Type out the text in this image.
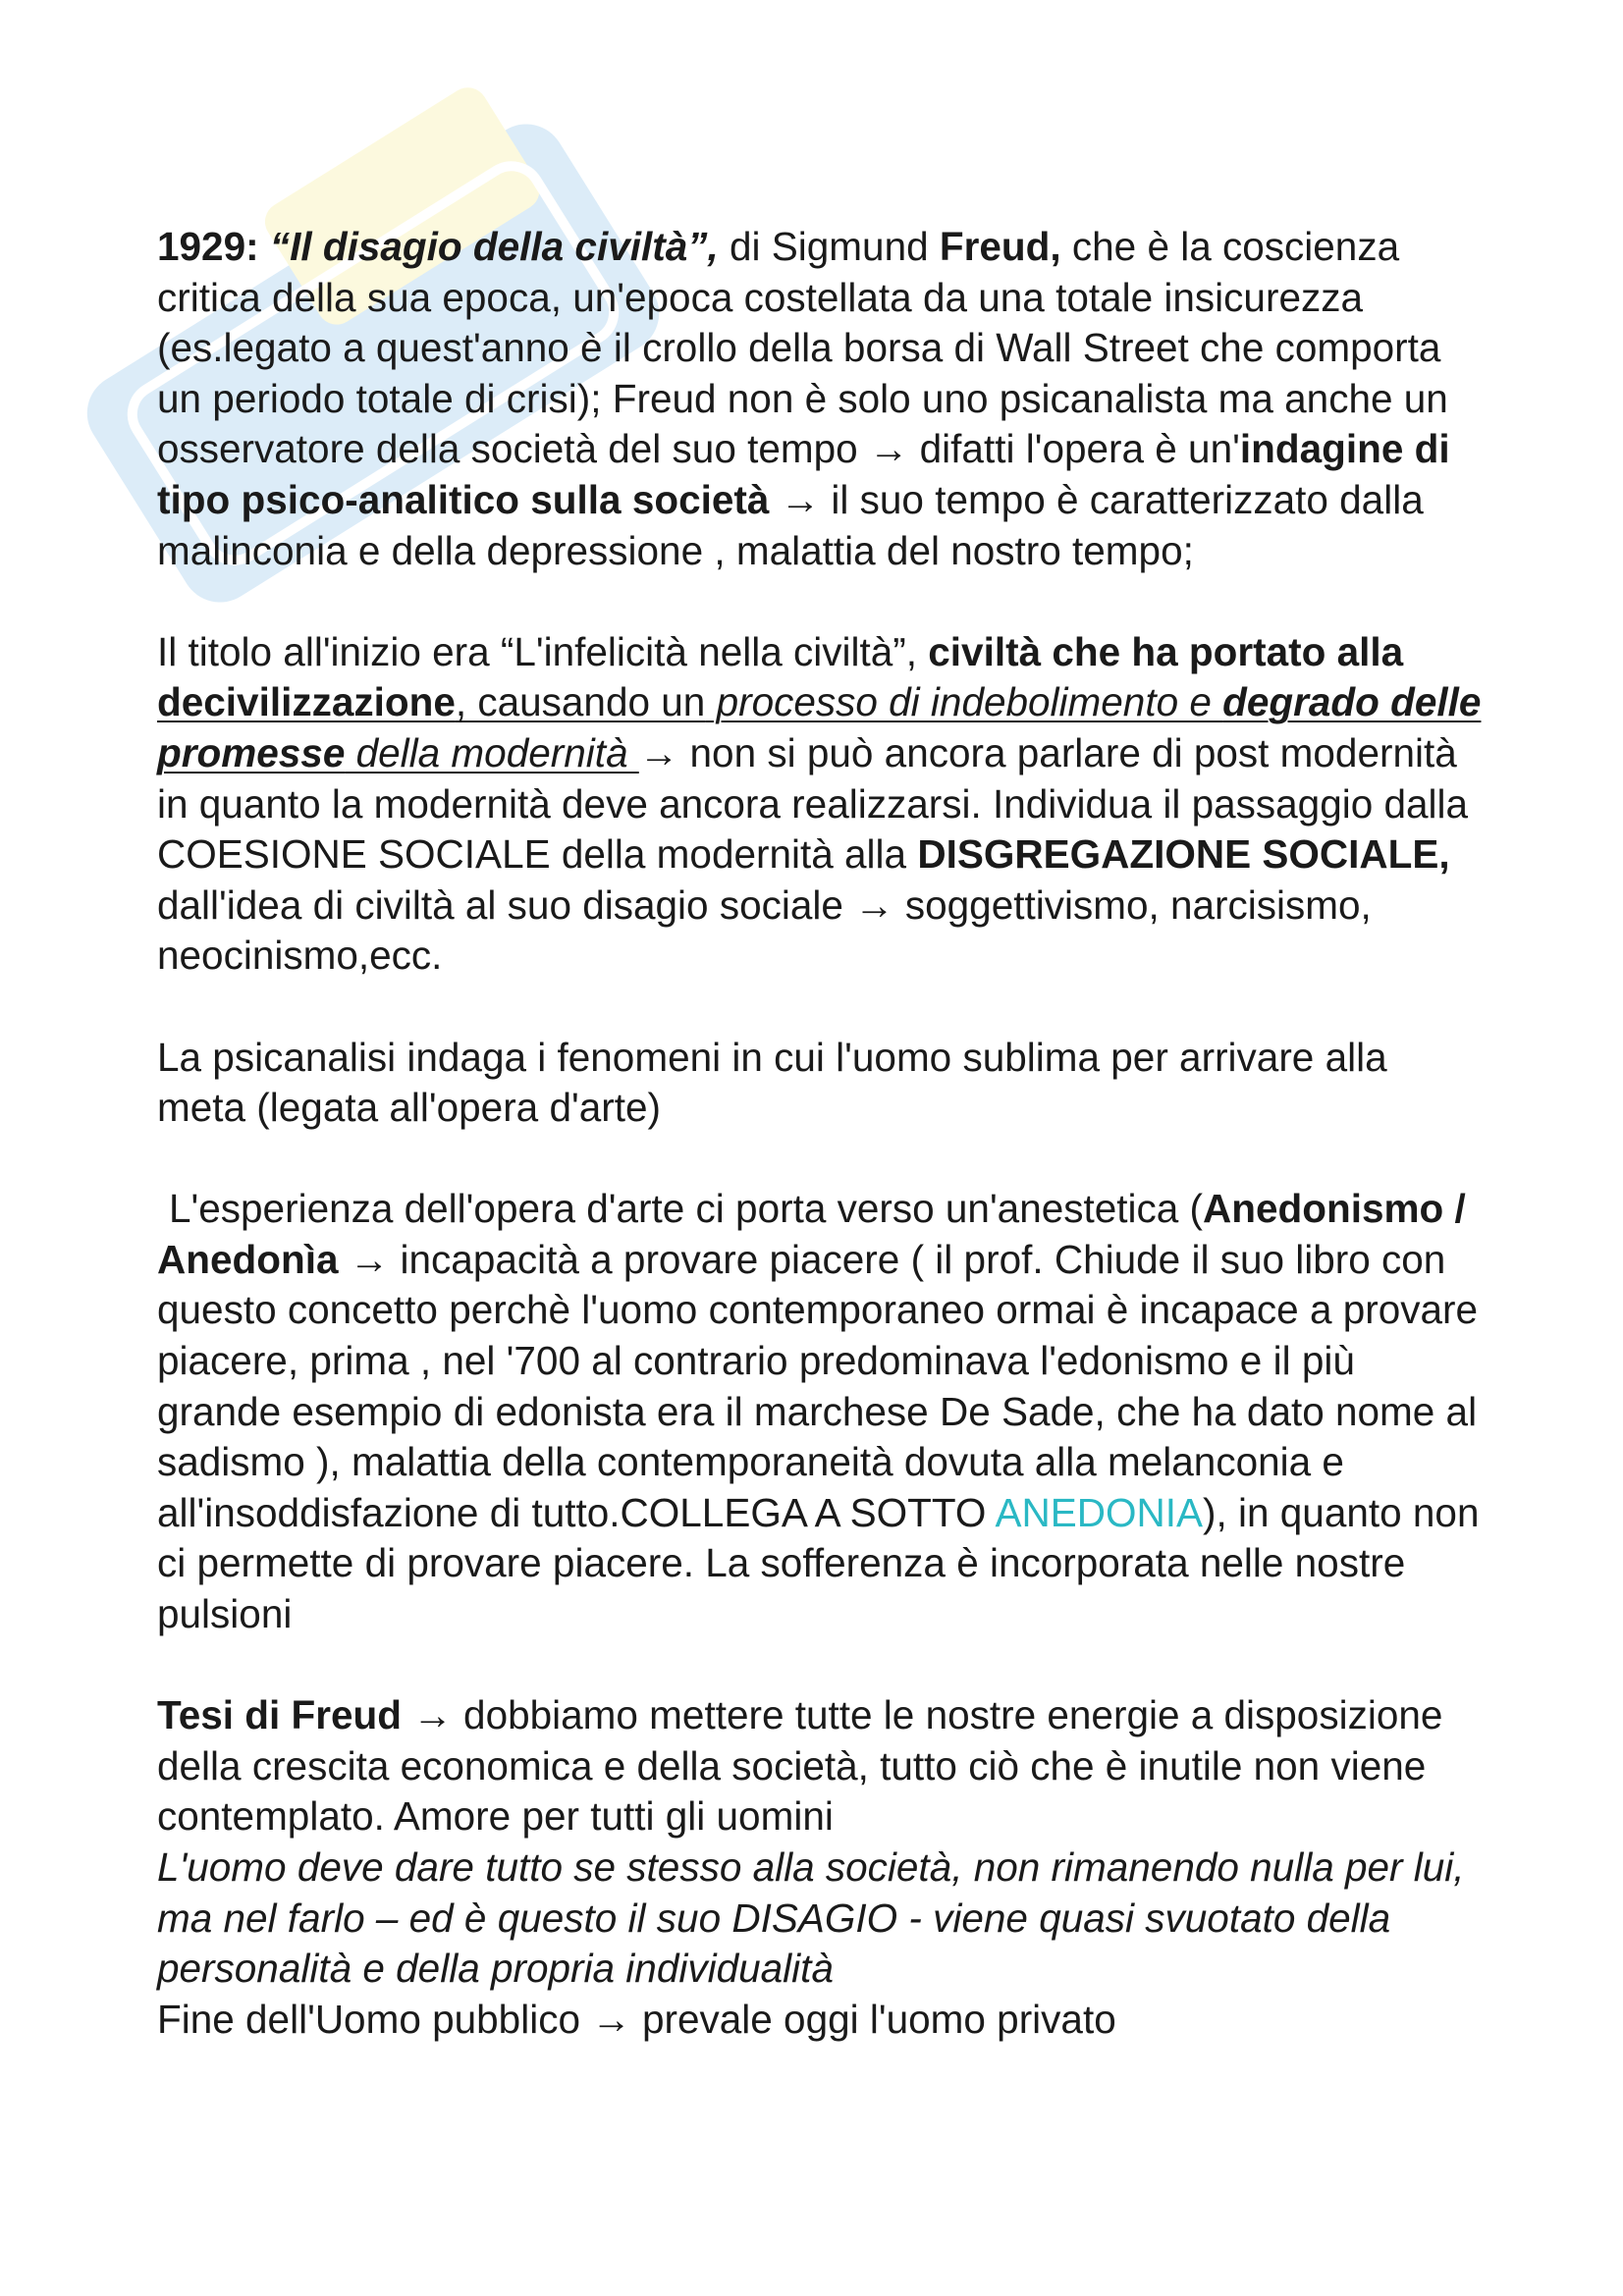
1929: “Il disagio della civiltà”, di Sigmund Freud, che è la coscienza critica della sua epoca, un'epoca costellata da una totale insicurezza (es.legato a quest'anno è il crollo della borsa di Wall Street che comporta un periodo totale di crisi); Freud non è solo uno psicanalista ma anche un osservatore della società del suo tempo → difatti l'opera è un'indagine di tipo psico-analitico sulla società → il suo tempo è caratterizzato dalla malinconia e della depressione , malattia del nostro tempo;

Il titolo all'inizio era “L'infelicità nella civiltà”, civiltà che ha portato alla decivilizzazione, causando un processo di indebolimento e degrado delle promesse della modernità → non si può ancora parlare di post modernità in quanto la modernità deve ancora realizzarsi. Individua il passaggio dalla COESIONE SOCIALE della modernità alla DISGREGAZIONE SOCIALE, dall'idea di civiltà al suo disagio sociale → soggettivismo, narcisismo, neocinismo,ecc.

La psicanalisi indaga i fenomeni in cui l'uomo sublima per arrivare alla meta (legata all'opera d'arte)

L'esperienza dell'opera d'arte ci porta verso un'anestetica (Anedonismo / Anedonìa → incapacità a provare piacere ( il prof. Chiude il suo libro con questo concetto perchè l'uomo contemporaneo ormai è incapace a provare piacere, prima , nel '700 al contrario predominava l'edonismo e il più grande esempio di edonista era il marchese De Sade, che ha dato nome al sadismo ), malattia della contemporaneità dovuta alla melanconia e all'insoddisfazione di tutto.COLLEGA A SOTTO ANEDONIA), in quanto non ci permette di provare piacere. La sofferenza è incorporata nelle nostre pulsioni

Tesi di Freud → dobbiamo mettere tutte le nostre energie a disposizione della crescita economica e della società, tutto ciò che è inutile non viene contemplato. Amore per tutti gli uomini
L'uomo deve dare tutto se stesso alla società, non rimanendo nulla per lui, ma nel farlo – ed è questo il suo DISAGIO - viene quasi svuotato della personalità e della propria individualità
Fine dell'Uomo pubblico → prevale oggi l'uomo privato
